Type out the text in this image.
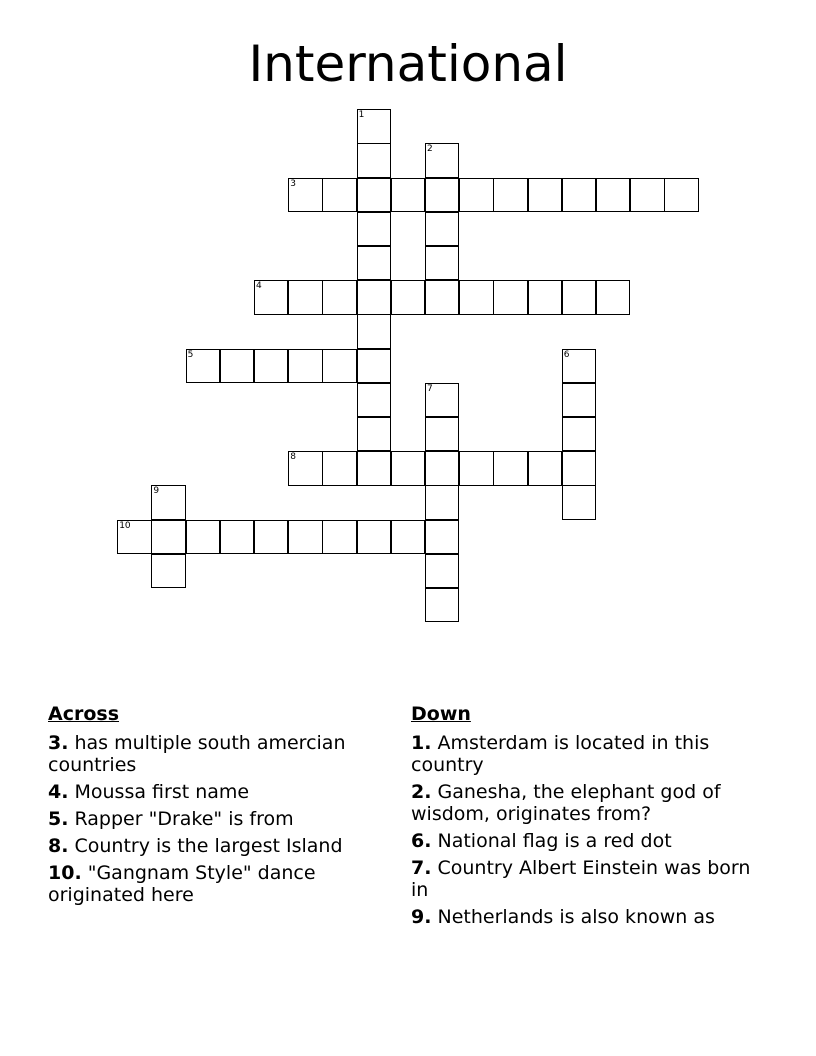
International
1
3
2
4
5	6
7
8
9
10
Across
3. has multiple south amercian countries
4. Moussa first name
5. Rapper "Drake" is from
8. Country is the largest Island
10. "Gangnam Style" dance originated here
Down
1. Amsterdam is located in this country
2. Ganesha, the elephant god of wisdom, originates from?
6. National flag is a red dot
7. Country Albert Einstein was born in
9. Netherlands is also known as
